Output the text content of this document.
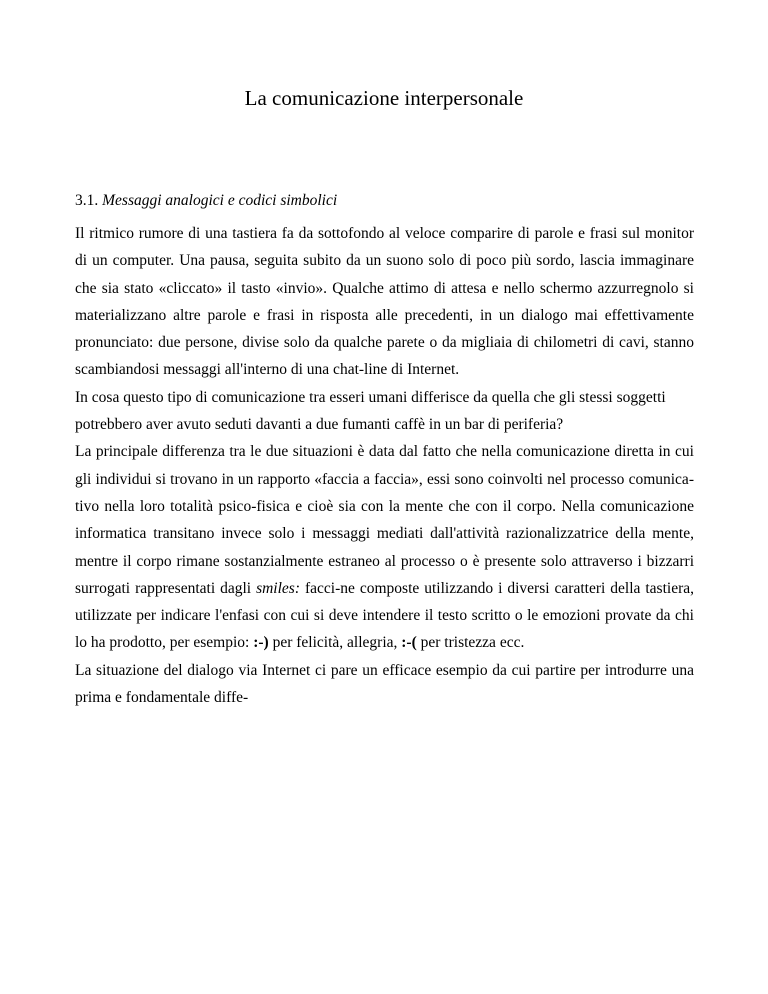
La comunicazione interpersonale
3.1. Messaggi analogici e codici simbolici

Il ritmico rumore di una tastiera fa da sottofondo al veloce comparire di parole e frasi sul monitor di un computer. Una pausa, seguita subito da un suono solo di poco più sordo, lascia immaginare che sia stato «cliccato» il tasto «invio». Qualche attimo di attesa e nello schermo azzurregnolo si materializzano altre parole e frasi in risposta alle precedenti, in un dialogo mai effettivamente pronunciato: due persone, divise solo da qualche parete o da migliaia di chilometri di cavi, stanno scambiandosi messaggi all'interno di una chat-line di Internet.

In cosa questo tipo di comunicazione tra esseri umani differisce da quella che gli stessi soggetti potrebbero aver avuto seduti davanti a due fumanti caffè in un bar di periferia?

La principale differenza tra le due situazioni è data dal fatto che nella comunicazione diretta in cui gli individui si trovano in un rapporto «faccia a faccia», essi sono coinvolti nel processo comunicativo nella loro totalità psico-fisica e cioè sia con la mente che con il corpo. Nella comunicazione informatica transitano invece solo i messaggi mediati dall'attività razionalizzatrice della mente, mentre il corpo rimane sostanzialmente estraneo al processo o è presente solo attraverso i bizzarri surrogati rappresentati dagli smiles: facci-ne composte utilizzando i diversi caratteri della tastiera, utilizzate per indicare l'enfasi con cui si deve intendere il testo scritto o le emozioni provate da chi lo ha prodotto, per esempio: :-) per felicità, allegria, :-( per tristezza ecc.

La situazione del dialogo via Internet ci pare un efficace esempio da cui partire per introdurre una prima e fondamentale diffe-
